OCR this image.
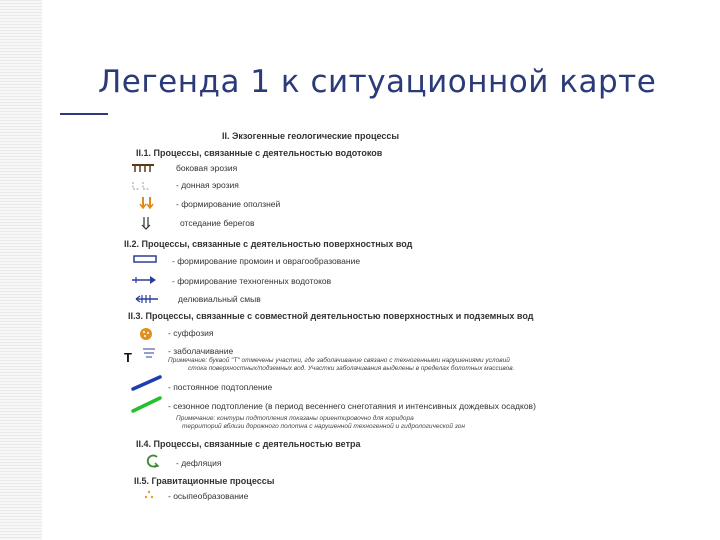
Легенда 1 к ситуационной карте
II. Экзогенные геологические процессы
II.1. Процессы, связанные с деятельностью водотоков
боковая эрозия
- донная эрозия
- формирование оползней
отседание берегов
II.2. Процессы, связанные с деятельностью поверхностных вод
- формирование промоин и оврагообразование
- формирование техногенных водотоков
делювиальный смыв
II.3. Процессы, связанные с совместной деятельностью поверхностных и подземных вод
- суффозия
Т	- заболачивание
Примечание: буквой "Т" отмечены участки, где заболачивание связано с техногенными нарушениями условий
стока поверхностных/подземных вод. Участки заболачивания выделены в пределах болотных массивов.
- постоянное подтопление
- сезонное подтопление (в период весеннего снеготаяния и интенсивных дождевых осадков)
Примечание: контуры подтопления показаны ориентировочно для коридора
территорий вблизи дорожного полотна с нарушенной техногенной и гидрологической зон
II.4. Процессы, связанные с деятельностью ветра
- дефляция
II.5. Гравитационные процессы
- осыпеобразование
